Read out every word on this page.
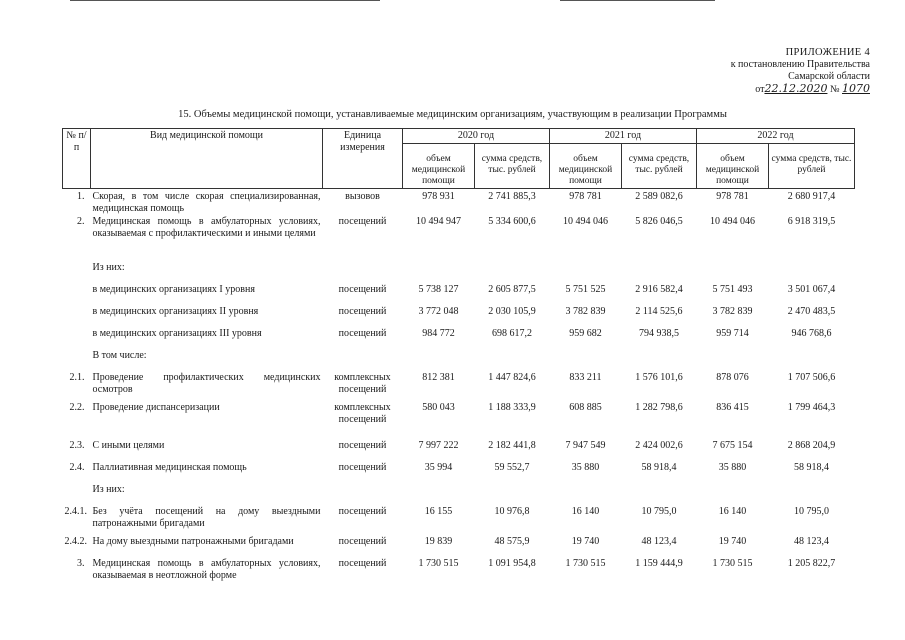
ПРИЛОЖЕНИЕ 4
к постановлению Правительства
Самарской области
от22.12.2020 № 1070
15. Объемы медицинской помощи, устанавливаемые медицинским организациям, участвующим в реализации Программы
№ п/п	Вид медицинской помощи	Единица измерения	2020 год		2021 год		2022 год	
			объем медицинской помощи	сумма средств, тыс. рублей	объем медицинской помощи	сумма средств, тыс. рублей	объем медицинской помощи	сумма средств, тыс. рублей
1.	Скорая, в том числе скорая специализированная, медицинская помощь	вызовов	978 931	2 741 885,3	978 781	2 589 082,6	978 781	2 680 917,4
2.	Медицинская помощь в амбулаторных условиях, оказываемая с профилактическими и иными целями	посещений	10 494 947	5 334 600,6	10 494 046	5 826 046,5	10 494 046	6 918 319,5
	Из них:							
	в медицинских организациях I уровня	посещений	5 738 127	2 605 877,5	5 751 525	2 916 582,4	5 751 493	3 501 067,4
	в медицинских организациях II уровня	посещений	3 772 048	2 030 105,9	3 782 839	2 114 525,6	3 782 839	2 470 483,5
	в медицинских организациях III уровня	посещений	984 772	698 617,2	959 682	794 938,5	959 714	946 768,6
	В том числе:							
2.1.	Проведение профилактических медицинских осмотров	комплексных посещений	812 381	1 447 824,6	833 211	1 576 101,6	878 076	1 707 506,6
2.2.	Проведение диспансеризации	комплексных посещений	580 043	1 188 333,9	608 885	1 282 798,6	836 415	1 799 464,3
2.3.	С иными целями	посещений	7 997 222	2 182 441,8	7 947 549	2 424 002,6	7 675 154	2 868 204,9
2.4.	Паллиативная медицинская помощь	посещений	35 994	59 552,7	35 880	58 918,4	35 880	58 918,4
	Из них:							
2.4.1.	Без учёта посещений на дому выездными патронажными бригадами	посещений	16 155	10 976,8	16 140	10 795,0	16 140	10 795,0
2.4.2.	На дому выездными патронажными бригадами	посещений	19 839	48 575,9	19 740	48 123,4	19 740	48 123,4
3.	Медицинская помощь в амбулаторных условиях, оказываемая в неотложной форме	посещений	1 730 515	1 091 954,8	1 730 515	1 159 444,9	1 730 515	1 205 822,7
